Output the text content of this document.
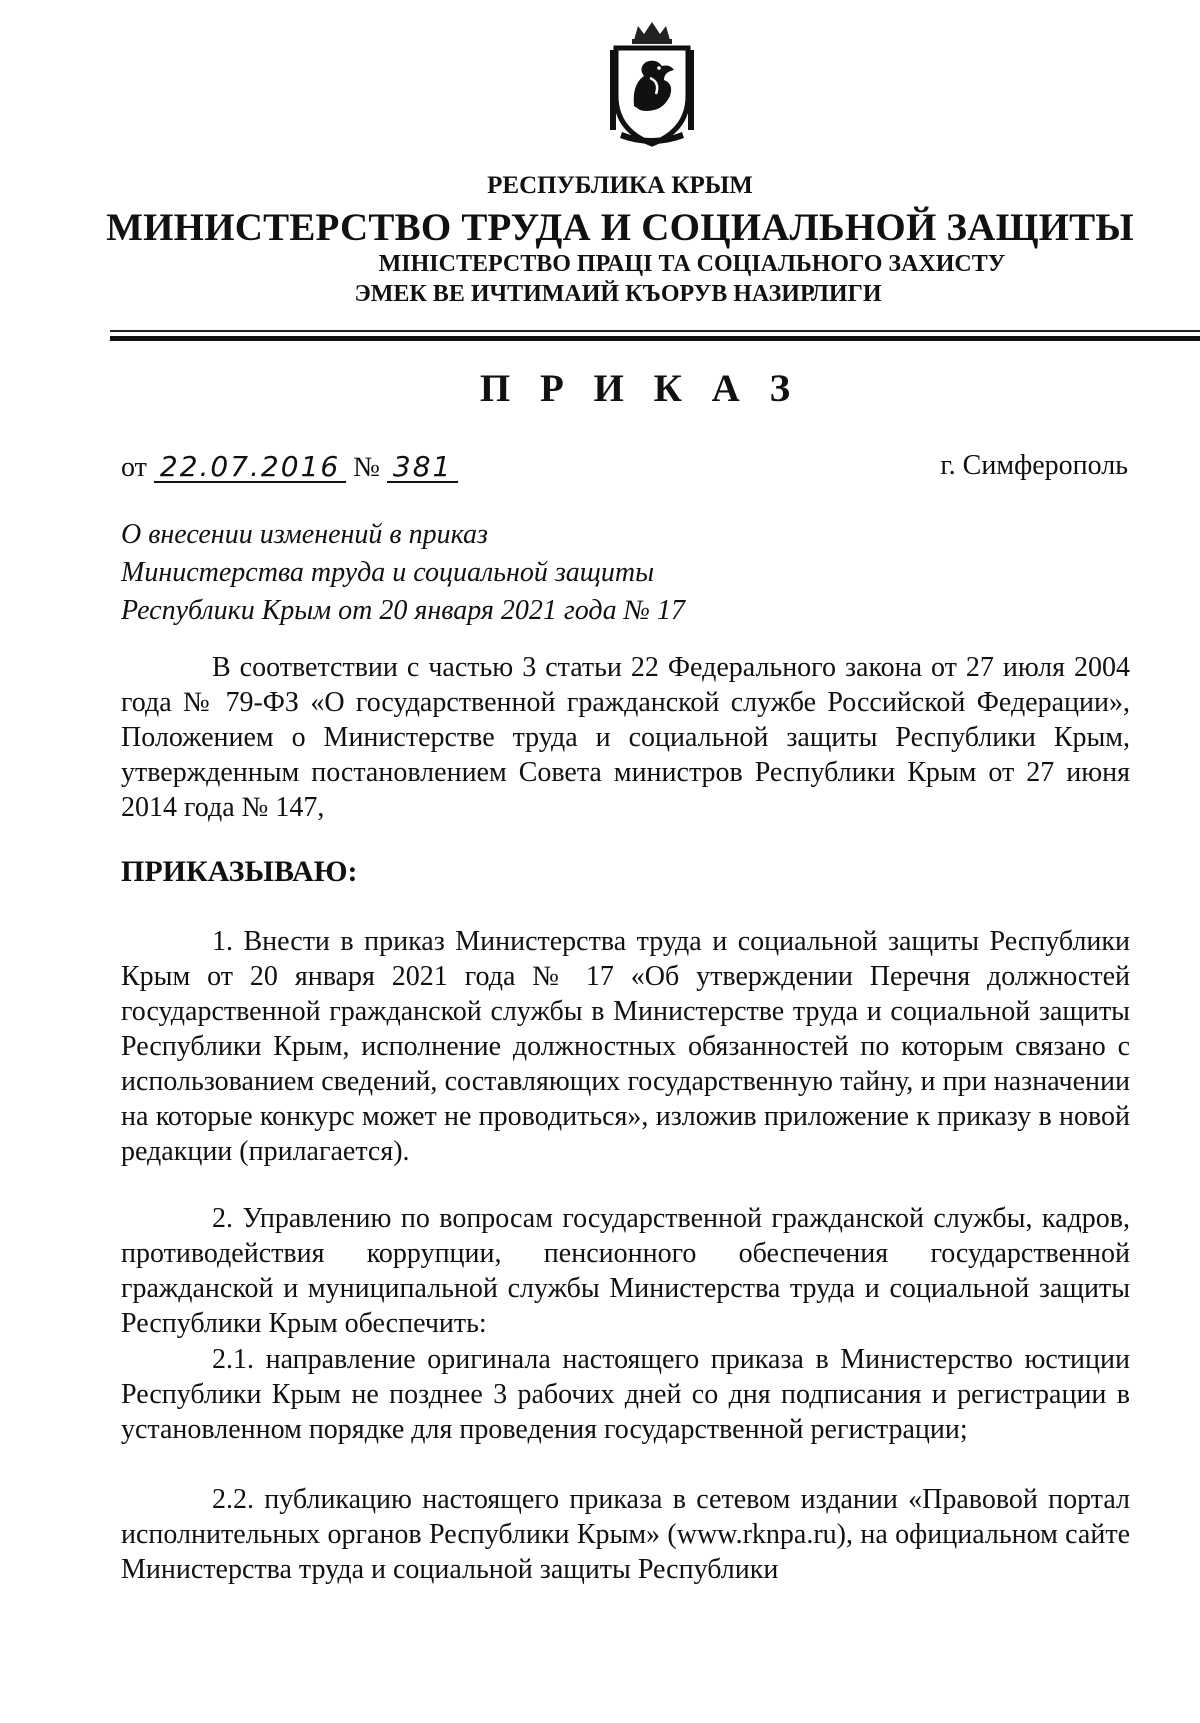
РЕСПУБЛИКА КРЫМ
МИНИСТЕРСТВО ТРУДА И СОЦИАЛЬНОЙ ЗАЩИТЫ
МІНІСТЕРСТВО ПРАЦІ ТА СОЦІАЛЬНОГО ЗАХИСТУ
ЭМЕК ВЕ ИЧТИМАИЙ КЪОРУВ НАЗИРЛИГИ
П Р И К А З
от 22.07.2016 № 381	г. Симферополь
О внесении изменений в приказ
Министерства труда и социальной защиты
Республики Крым от 20 января 2021 года № 17
В соответствии с частью 3 статьи 22 Федерального закона от 27 июля 2004 года № 79-ФЗ «О государственной гражданской службе Российской Федерации», Положением о Министерстве труда и социальной защиты Республики Крым, утвержденным постановлением Совета министров Республики Крым от 27 июня 2014 года № 147,
ПРИКАЗЫВАЮ:
1. Внести в приказ Министерства труда и социальной защиты Республики Крым от 20 января 2021 года № 17 «Об утверждении Перечня должностей государственной гражданской службы в Министерстве труда и социальной защиты Республики Крым, исполнение должностных обязанностей по которым связано с использованием сведений, составляющих государственную тайну, и при назначении на которые конкурс может не проводиться», изложив приложение к приказу в новой редакции (прилагается).
2. Управлению по вопросам государственной гражданской службы, кадров, противодействия коррупции, пенсионного обеспечения государственной гражданской и муниципальной службы Министерства труда и социальной защиты Республики Крым обеспечить:
2.1. направление оригинала настоящего приказа в Министерство юстиции Республики Крым не позднее 3 рабочих дней со дня подписания и регистрации в установленном порядке для проведения государственной регистрации;
2.2. публикацию настоящего приказа в сетевом издании «Правовой портал исполнительных органов Республики Крым» (www.rknpa.ru), на официальном сайте Министерства труда и социальной защиты Республики
